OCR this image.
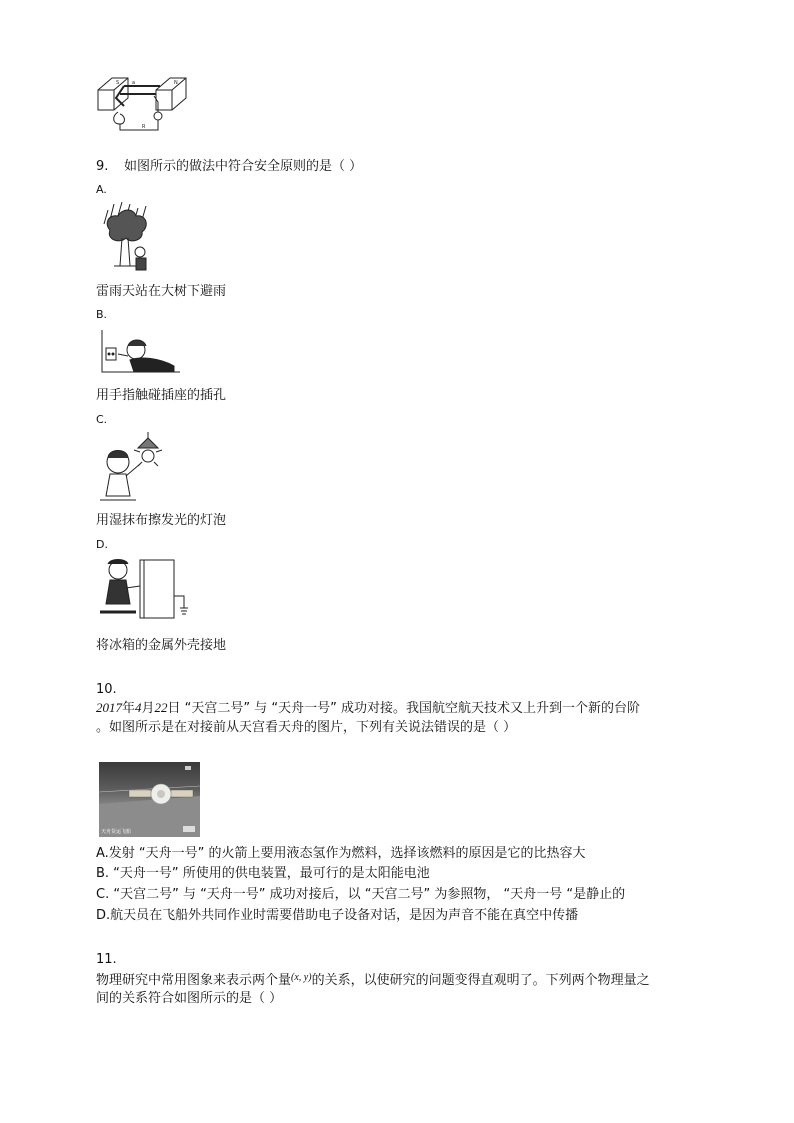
S	N
a
R
9. 如图所示的做法中符合安全原则的是（ ）
A.
雷雨天站在大树下避雨
B.
用手指触碰插座的插孔
C.
用湿抹布擦发光的灯泡
D.
将冰箱的金属外壳接地
10.
2017年4月22日 “天宫二号” 与 “天舟一号” 成功对接。我国航空航天技术又上升到一个新的台阶
。如图所示是在对接前从天宫看天舟的图片，下列有关说法错误的是（ ）
天舟货运飞船
A.发射 “天舟一号” 的火箭上要用液态氢作为燃料，选择该燃料的原因是它的比热容大
B. “天舟一号” 所使用的供电装置，最可行的是太阳能电池
C. “天宫二号” 与 “天舟一号” 成功对接后，以 “天宫二号” 为参照物， “天舟一号 “是静止的
D.航天员在飞船外共同作业时需要借助电子设备对话，是因为声音不能在真空中传播
11.
物理研究中常用图象来表示两个量$^{(x, y)}$的关系，以使研究的问题变得直观明了。下列两个物理量之
间的关系符合如图所示的是（ ）
